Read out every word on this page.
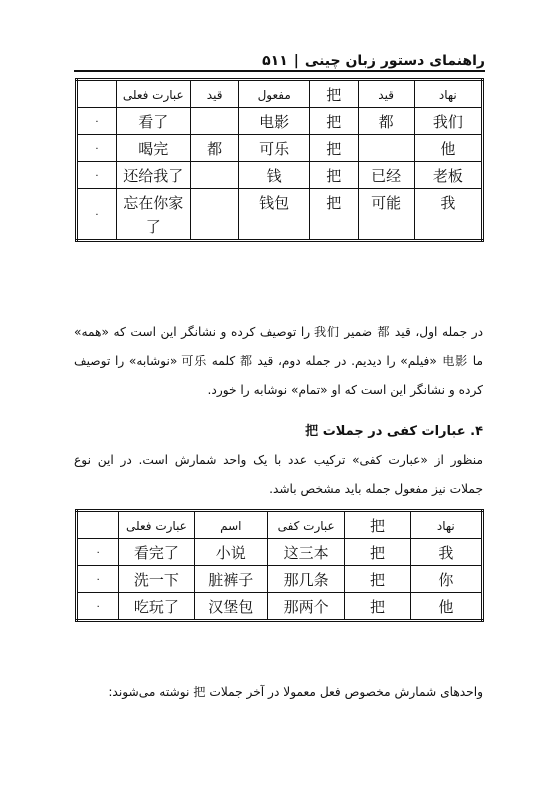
راهنمای دستور زبان چینی
|
۵۱۱
نهاد	قید	把	مفعول	قید	عبارت فعلی	
我们	都	把	电影		看了	۰
他		把	可乐	都	喝完	۰
老板	已经	把	钱		还给我了	۰
我	可能	把	钱包		忘在你家了	۰
در جمله اول، قید 都 ضمیر 我们 را توصیف کرده و نشانگر این است که «همه» ما 电影 «فیلم» را دیدیم. در جمله دوم، قید 都 کلمه 可乐 «نوشابه» را توصیف کرده و نشانگر این است که او «تمام» نوشابه را خورد.
۴. عبارات کفی در جملات 把
منظور از «عبارت کفی» ترکیب عدد با یک واحد شمارش است. در این نوع جملات نیز مفعول جمله باید مشخص باشد.
نهاد	把	عبارت کفی	اسم	عبارت فعلی	
我	把	这三本	小说	看完了	۰
你	把	那几条	脏裤子	洗一下	۰
他	把	那两个	汉堡包	吃玩了	۰
واحدهای شمارش مخصوص فعل معمولا در آخر جملات 把 نوشته می‌شوند:
